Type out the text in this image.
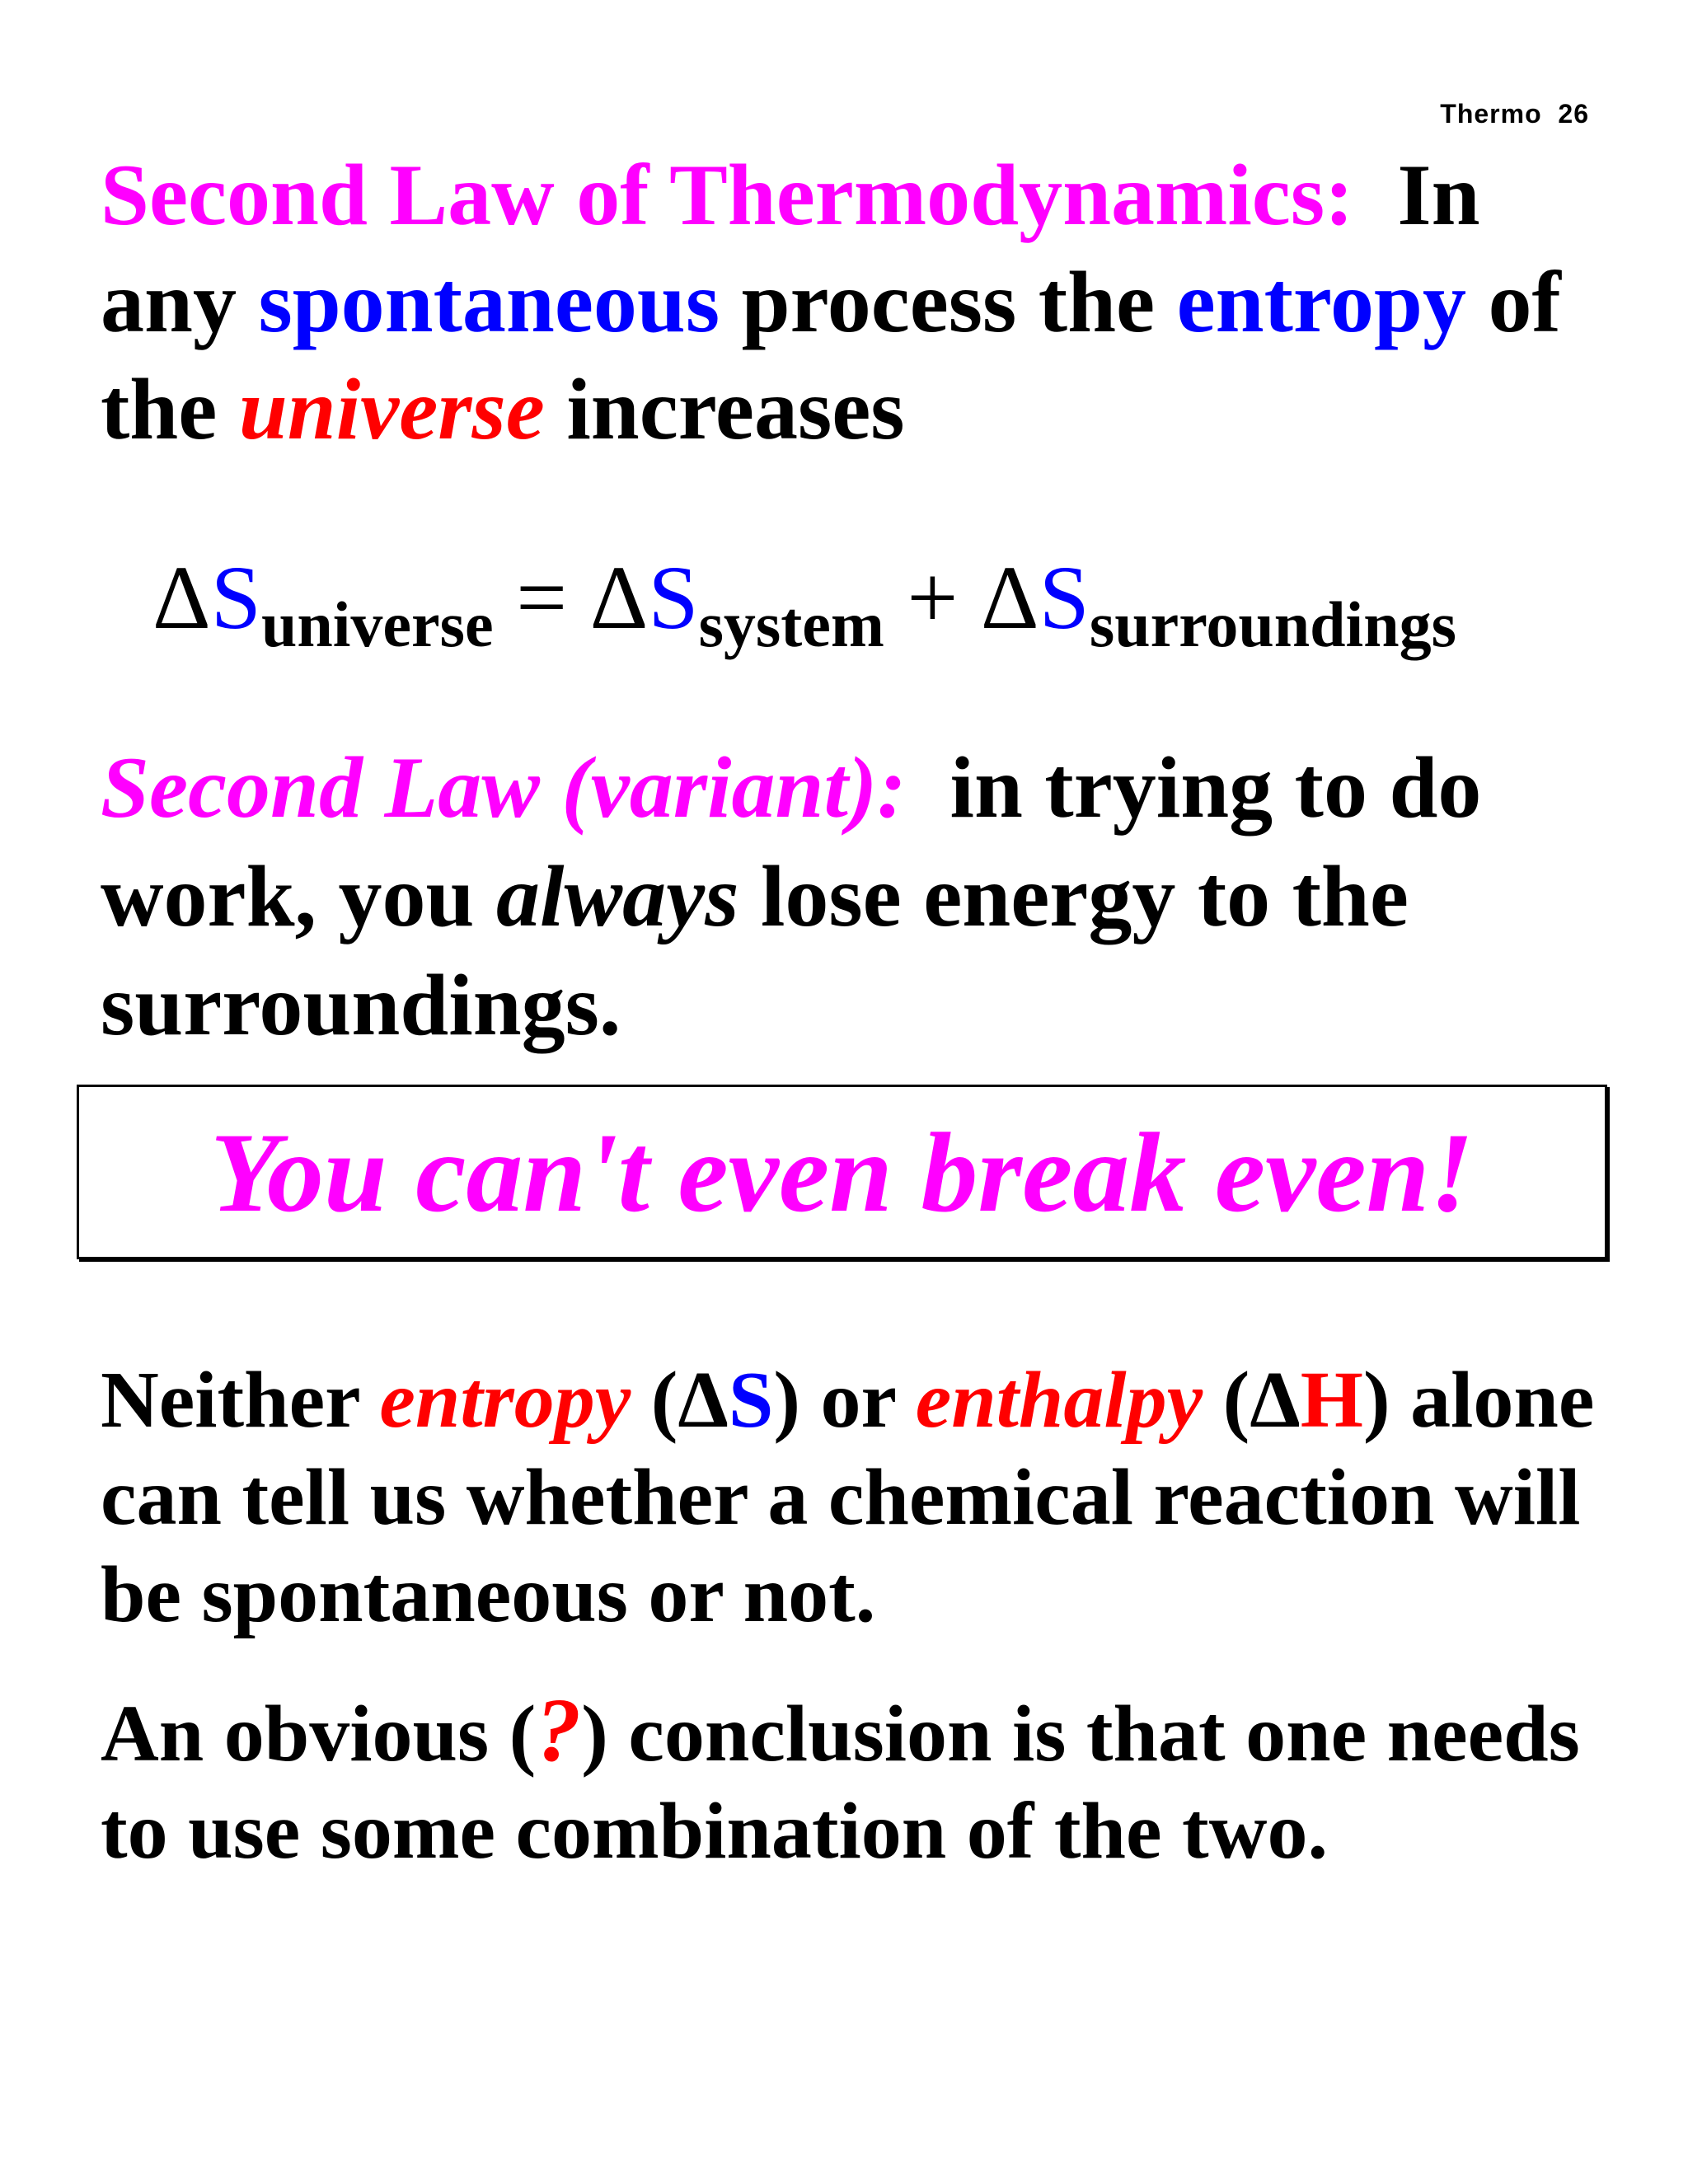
Thermo  26
Second Law of Thermodynamics: In any spontaneous process the entropy of the universe increases
$\Delta S_{universe} = \Delta S_{system} + \Delta S_{surroundings}$
Second Law (variant): in trying to do work, you always lose energy to the surroundings.
You can't even break even!
Neither entropy (ΔS) or enthalpy (ΔH) alone can tell us whether a chemical reaction will be spontaneous or not.
An obvious (?) conclusion is that one needs to use some combination of the two.
